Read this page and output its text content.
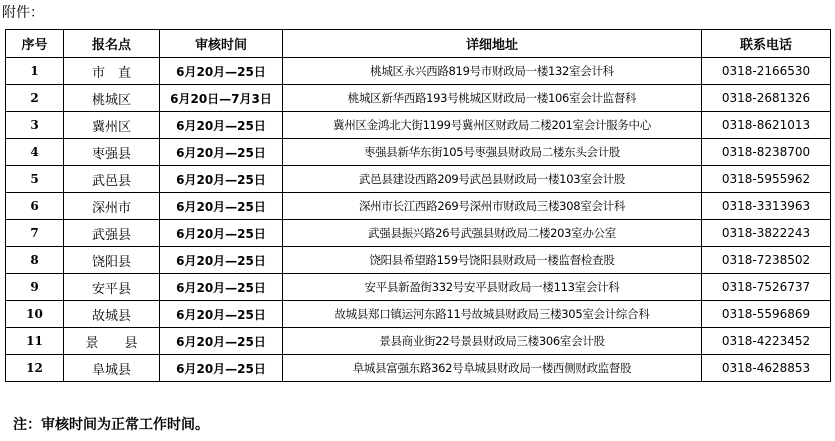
附件：
序号	报名点	审核时间	详细地址	联系电话
1	市　直	6月20月—25日	桃城区永兴西路819号市财政局一楼132室会计科	0318-2166530
2	桃城区	6月20日—7月3日	桃城区新华西路193号桃城区财政局一楼106室会计监督科	0318-2681326
3	冀州区	6月20月—25日	冀州区金鸿北大街1199号冀州区财政局二楼201室会计服务中心	0318-8621013
4	枣强县	6月20月—25日	枣强县新华东街105号枣强县财政局二楼东头会计股	0318-8238700
5	武邑县	6月20月—25日	武邑县建设西路209号武邑县财政局一楼103室会计股	0318-5955962
6	深州市	6月20月—25日	深州市长江西路269号深州市财政局三楼308室会计科	0318-3313963
7	武强县	6月20月—25日	武强县振兴路26号武强县财政局二楼203室办公室	0318-3822243
8	饶阳县	6月20月—25日	饶阳县希望路159号饶阳县财政局一楼监督检查股	0318-7238502
9	安平县	6月20月—25日	安平县新盈街332号安平县财政局一楼113室会计科	0318-7526737
10	故城县	6月20月—25日	故城县郑口镇运河东路11号故城县财政局三楼305室会计综合科	0318-5596869
11	景　　县	6月20月—25日	景县商业街22号景县财政局三楼306室会计股	0318-4223452
12	阜城县	6月20月—25日	阜城县富强东路362号阜城县财政局一楼西侧财政监督股	0318-4628853
注：审核时间为正常工作时间。
